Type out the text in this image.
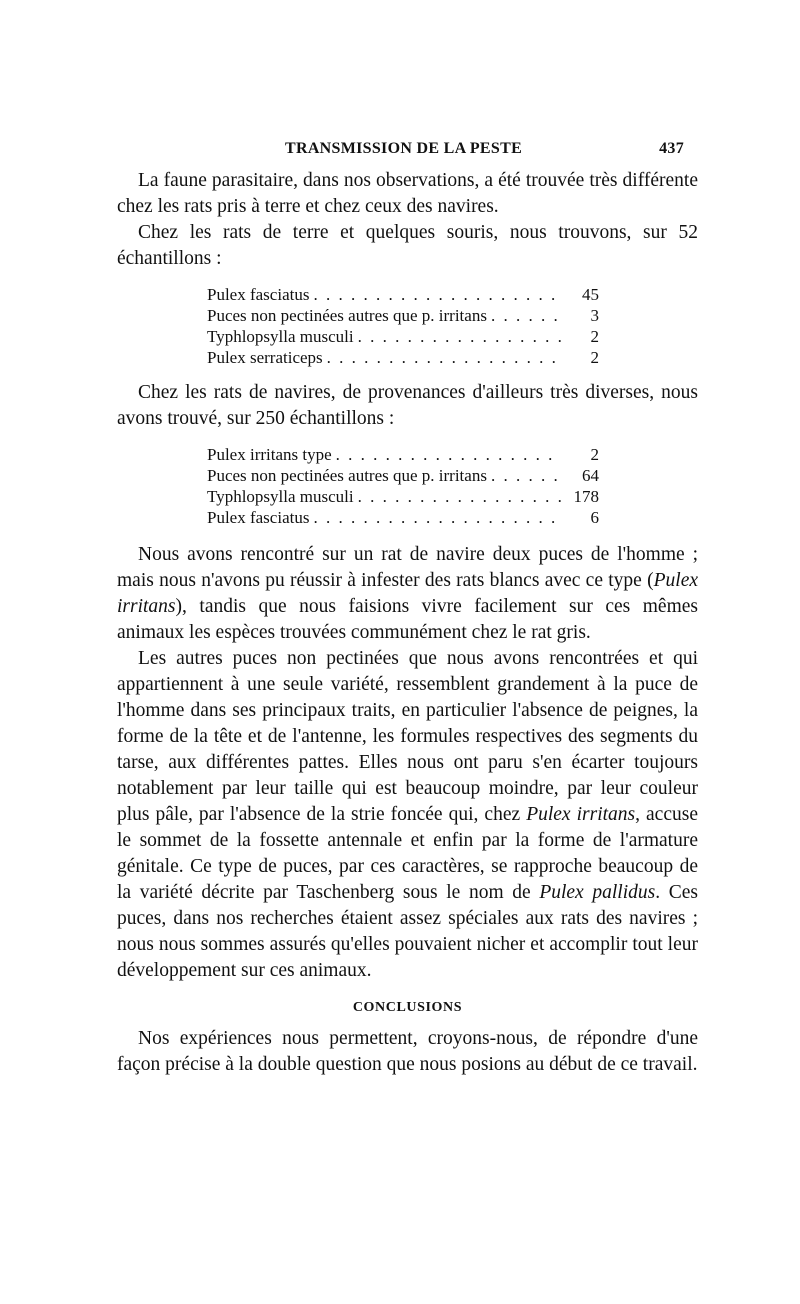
TRANSMISSION DE LA PESTE	437

La faune parasitaire, dans nos observations, a été trouvée très différente chez les rats pris à terre et chez ceux des navires.

Chez les rats de terre et quelques souris, nous trouvons, sur 52 échantillons :

Pulex fasciatus . . .	45
Puces non pectinées autres que p. irritans . . .	3
Typhlopsylla musculi . . .	2
Pulex serraticeps . . .	2

Chez les rats de navires, de provenances d'ailleurs très diverses, nous avons trouvé, sur 250 échantillons :

Pulex irritans type . . .	2
Puces non pectinées autres que p. irritans . . .	64
Typhlopsylla musculi . . .	178
Pulex fasciatus . . .	6

Nous avons rencontré sur un rat de navire deux puces de l'homme ; mais nous n'avons pu réussir à infester des rats blancs avec ce type (Pulex irritans), tandis que nous faisions vivre facilement sur ces mêmes animaux les espèces trouvées communément chez le rat gris.

Les autres puces non pectinées que nous avons rencontrées et qui appartiennent à une seule variété, ressemblent grandement à la puce de l'homme dans ses principaux traits, en particulier l'absence de peignes, la forme de la tête et de l'antenne, les formules respectives des segments du tarse, aux différentes pattes. Elles nous ont paru s'en écarter toujours notablement par leur taille qui est beaucoup moindre, par leur couleur plus pâle, par l'absence de la strie foncée qui, chez Pulex irritans, accuse le sommet de la fossette antennale et enfin par la forme de l'armature génitale. Ce type de puces, par ces caractères, se rapproche beaucoup de la variété décrite par Taschenberg sous le nom de Pulex pallidus. Ces puces, dans nos recherches étaient assez spéciales aux rats des navires ; nous nous sommes assurés qu'elles pouvaient nicher et accomplir tout leur développement sur ces animaux.

CONCLUSIONS

Nos expériences nous permettent, croyons-nous, de répondre d'une façon précise à la double question que nous posions au début de ce travail.
